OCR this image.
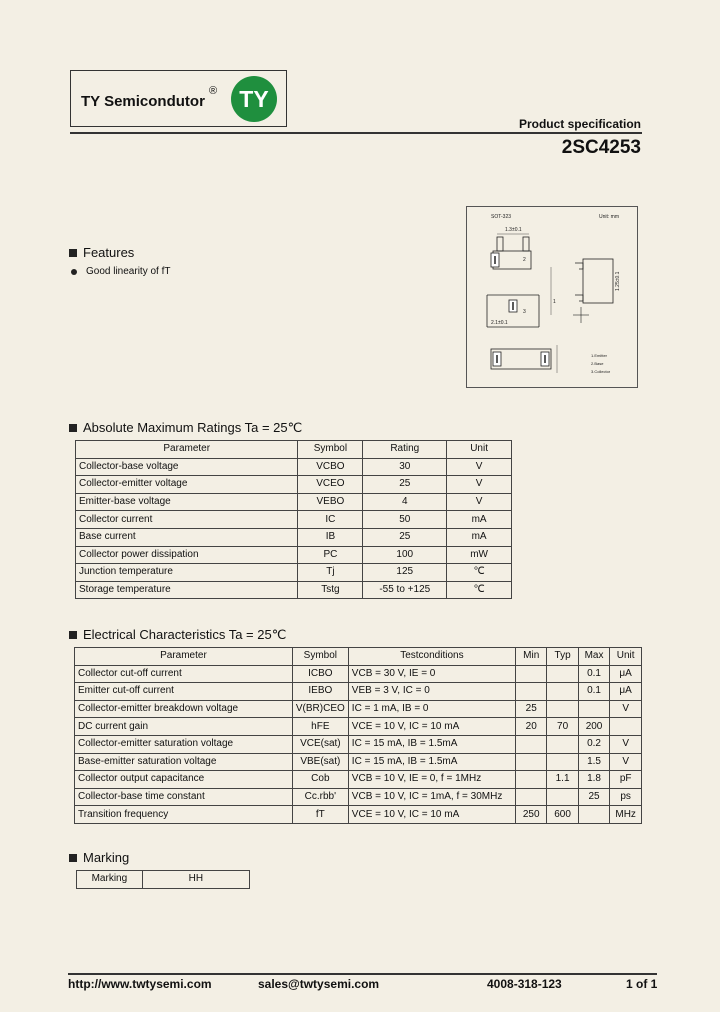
TY Semicondutor
® TY
Product specification
2SC4253
SOT-323	Unit: mm
1.3±0.1
2
3
2.1±0.1
1
1.25±0.1
1.Emitter
2.Base
3.Collector
Features
Good linearity of fT
Absolute Maximum Ratings Ta = 25℃
Parameter	Symbol	Rating	Unit
Collector-base voltage	VCBO	30	V
Collector-emitter voltage	VCEO	25	V
Emitter-base voltage	VEBO	4	V
Collector current	IC	50	mA
Base current	IB	25	mA
Collector power dissipation	PC	100	mW
Junction temperature	Tj	125	℃
Storage temperature	Tstg	-55 to +125	℃
Electrical Characteristics Ta = 25℃
Parameter	Symbol	Testconditions	Min	Typ	Max	Unit
Collector cut-off current	ICBO	VCB = 30 V, IE = 0			0.1	μA
Emitter cut-off current	IEBO	VEB = 3 V, IC = 0			0.1	μA
Collector-emitter breakdown voltage	V(BR)CEO	IC = 1 mA, IB = 0	25			V
DC current gain	hFE	VCE = 10 V, IC = 10 mA	20	70	200	
Collector-emitter saturation voltage	VCE(sat)	IC = 15 mA, IB = 1.5mA			0.2	V
Base-emitter saturation voltage	VBE(sat)	IC = 15 mA, IB = 1.5mA			1.5	V
Collector output capacitance	Cob	VCB = 10 V, IE = 0, f = 1MHz		1.1	1.8	pF
Collector-base time constant	Cc.rbb'	VCB = 10 V, IC = 1mA, f = 30MHz			25	ps
Transition frequency	fT	VCE = 10 V, IC = 10 mA	250	600		MHz
Marking
Marking	HH
http://www.twtysemi.com	sales@twtysemi.com	4008-318-123	1 of 1
